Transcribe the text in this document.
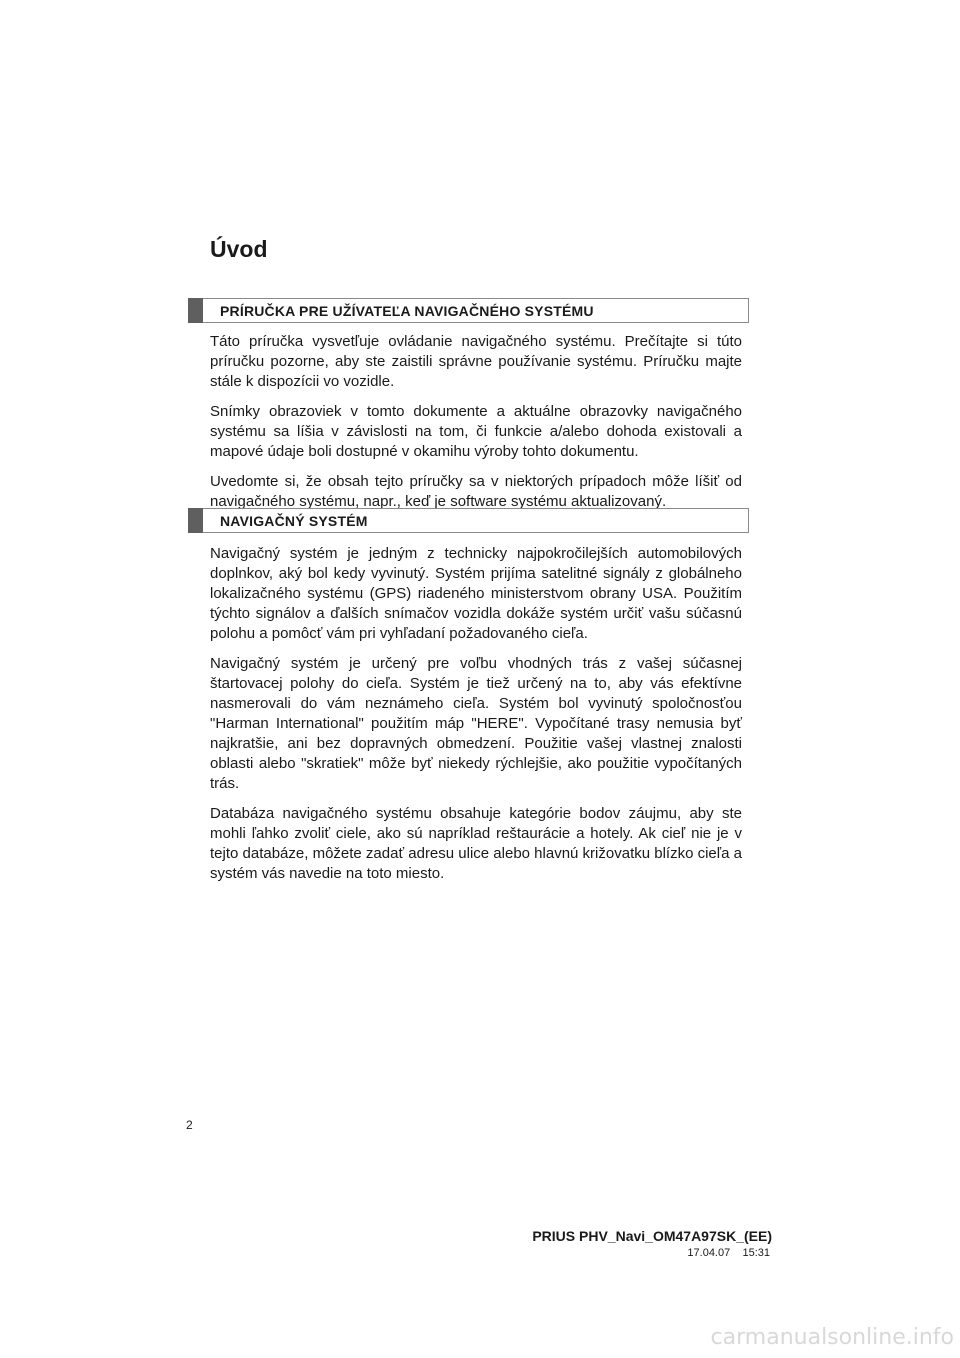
Úvod
PRÍRUČKA PRE UŽÍVATEĽA NAVIGAČNÉHO SYSTÉMU

Táto príručka vysvetľuje ovládanie navigačného systému. Prečítajte si túto príručku pozorne, aby ste zaistili správne používanie systému. Príručku majte stále k dispozícii vo vozidle.

Snímky obrazoviek v tomto dokumente a aktuálne obrazovky navigačného systému sa líšia v závislosti na tom, či funkcie a/alebo dohoda existovali a mapové údaje boli dostupné v okamihu výroby tohto dokumentu.

Uvedomte si, že obsah tejto príručky sa v niektorých prípadoch môže líšiť od navigačného systému, napr., keď je software systému aktualizovaný.

NAVIGAČNÝ SYSTÉM

Navigačný systém je jedným z technicky najpokročilejších automobilových doplnkov, aký bol kedy vyvinutý. Systém prijíma satelitné signály z globálneho lokalizačného systému (GPS) riadeného ministerstvom obrany USA. Použitím týchto signálov a ďalších snímačov vozidla dokáže systém určiť vašu súčasnú polohu a pomôcť vám pri vyhľadaní požadovaného cieľa.

Navigačný systém je určený pre voľbu vhodných trás z vašej súčasnej štartovacej polohy do cieľa. Systém je tiež určený na to, aby vás efektívne nasmerovali do vám neznámeho cieľa. Systém bol vyvinutý spoločnosťou "Harman International" použitím máp "HERE". Vypočítané trasy nemusia byť najkratšie, ani bez dopravných obmedzení. Použitie vašej vlastnej znalosti oblasti alebo "skratiek" môže byť niekedy rýchlejšie, ako použitie vypočítaných trás.

Databáza navigačného systému obsahuje kategórie bodov záujmu, aby ste mohli ľahko zvoliť ciele, ako sú napríklad reštaurácie a hotely. Ak cieľ nie je v tejto databáze, môžete zadať adresu ulice alebo hlavnú križovatku blízko cieľa a systém vás navedie na toto miesto.

2
PRIUS PHV_Navi_OM47A97SK_(EE)
17.04.07 15:31
carmanualsonline.info
